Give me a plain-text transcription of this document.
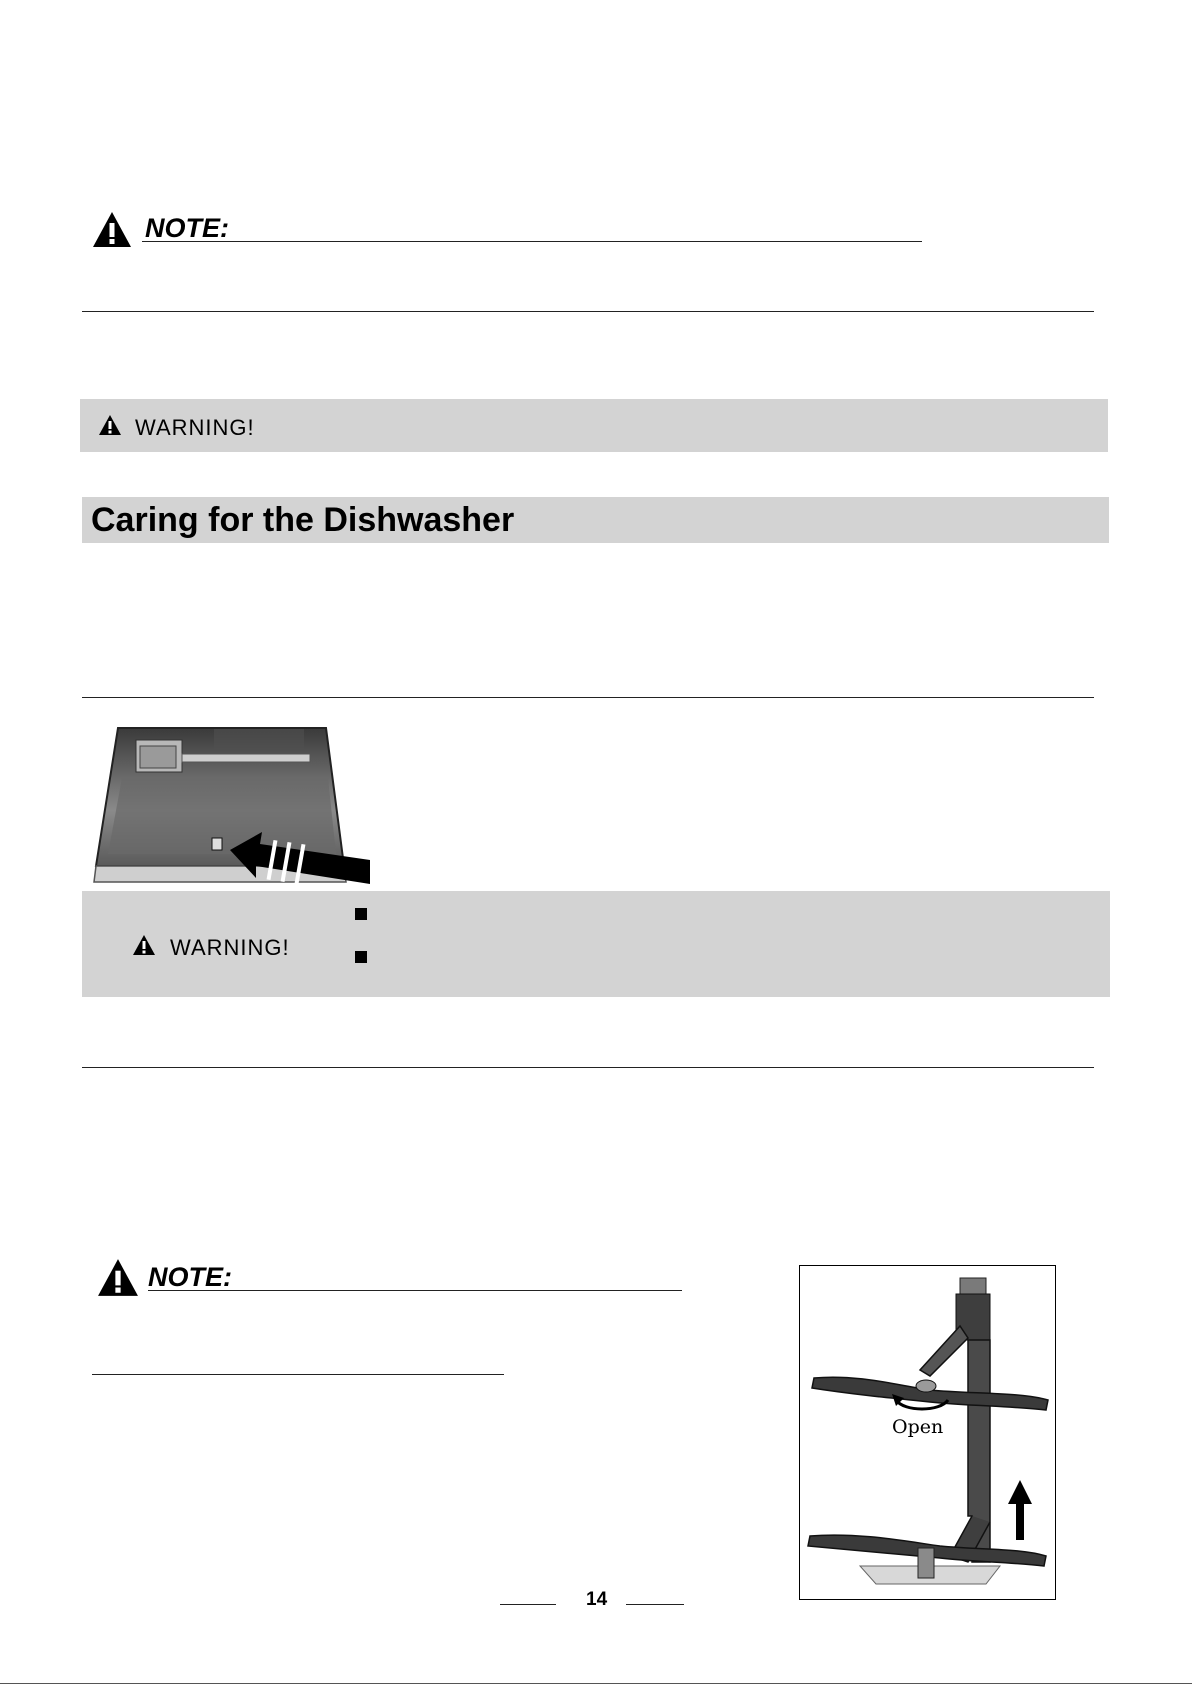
NOTE:
WARNING!
Caring for the Dishwasher
WARNING!
NOTE:
Open
14
